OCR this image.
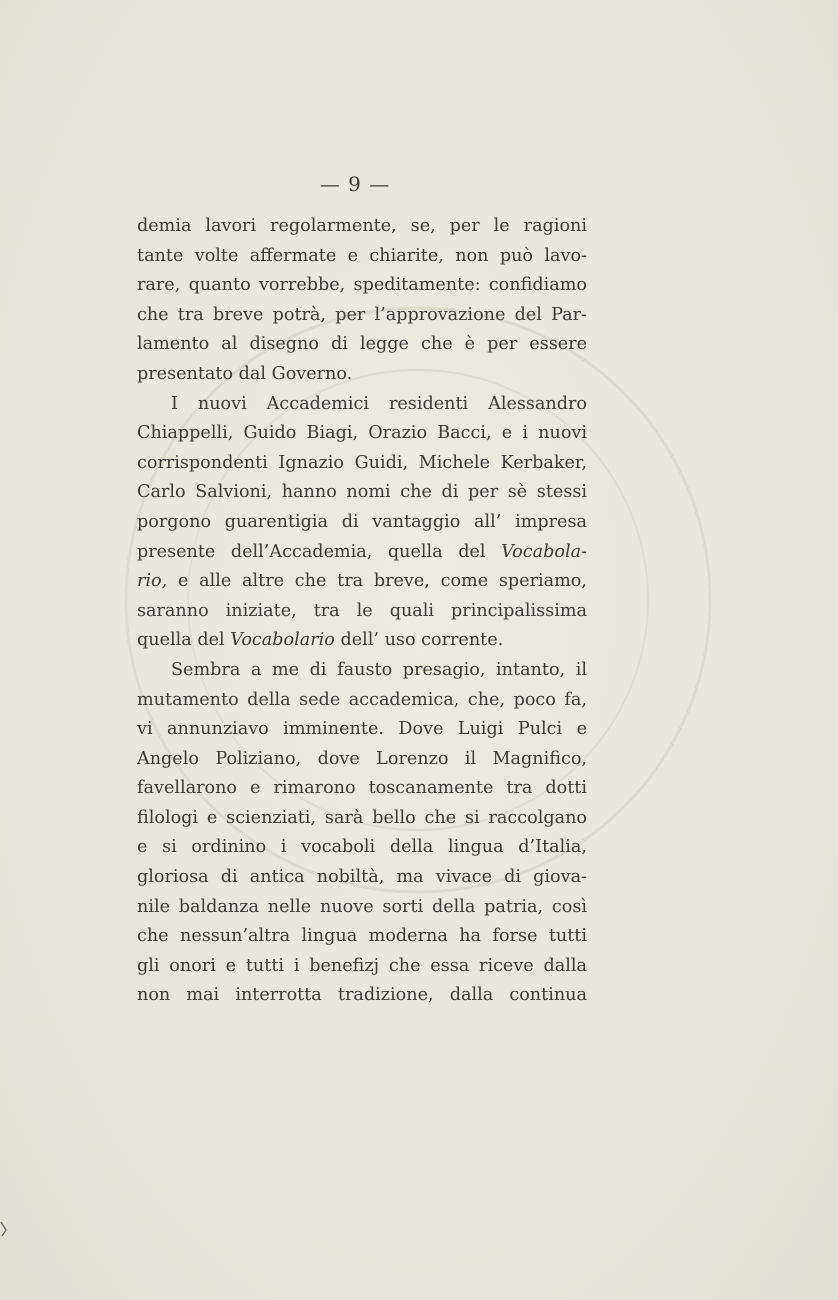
— 9 —
demia lavori regolarmente, se, per le ragioni
tante volte affermate e chiarite, non può lavo-
rare, quanto vorrebbe, speditamente: confidiamo
che tra breve potrà, per l’approvazione del Par-
lamento al disegno di legge che è per essere
presentato dal Governo.
I nuovi Accademici residenti Alessandro
Chiappelli, Guido Biagi, Orazio Bacci, e i nuovi
corrispondenti Ignazio Guidi, Michele Kerbaker,
Carlo Salvioni, hanno nomi che di per sè stessi
porgono guarentigia di vantaggio all’ impresa
presente dell’Accademia, quella del Vocabola-
rio, e alle altre che tra breve, come speriamo,
saranno iniziate, tra le quali principalissima
quella del Vocabolario dell’ uso corrente.
Sembra a me di fausto presagio, intanto, il
mutamento della sede accademica, che, poco fa,
vi annunziavo imminente. Dove Luigi Pulci e
Angelo Poliziano, dove Lorenzo il Magnifico,
favellarono e rimarono toscanamente tra dotti
filologi e scienziati, sarà bello che si raccolgano
e si ordinino i vocaboli della lingua d’Italia,
gloriosa di antica nobiltà, ma vivace di giova-
nile baldanza nelle nuove sorti della patria, così
che nessun’altra lingua moderna ha forse tutti
gli onori e tutti i benefizj che essa riceve dalla
non mai interrotta tradizione, dalla continua
